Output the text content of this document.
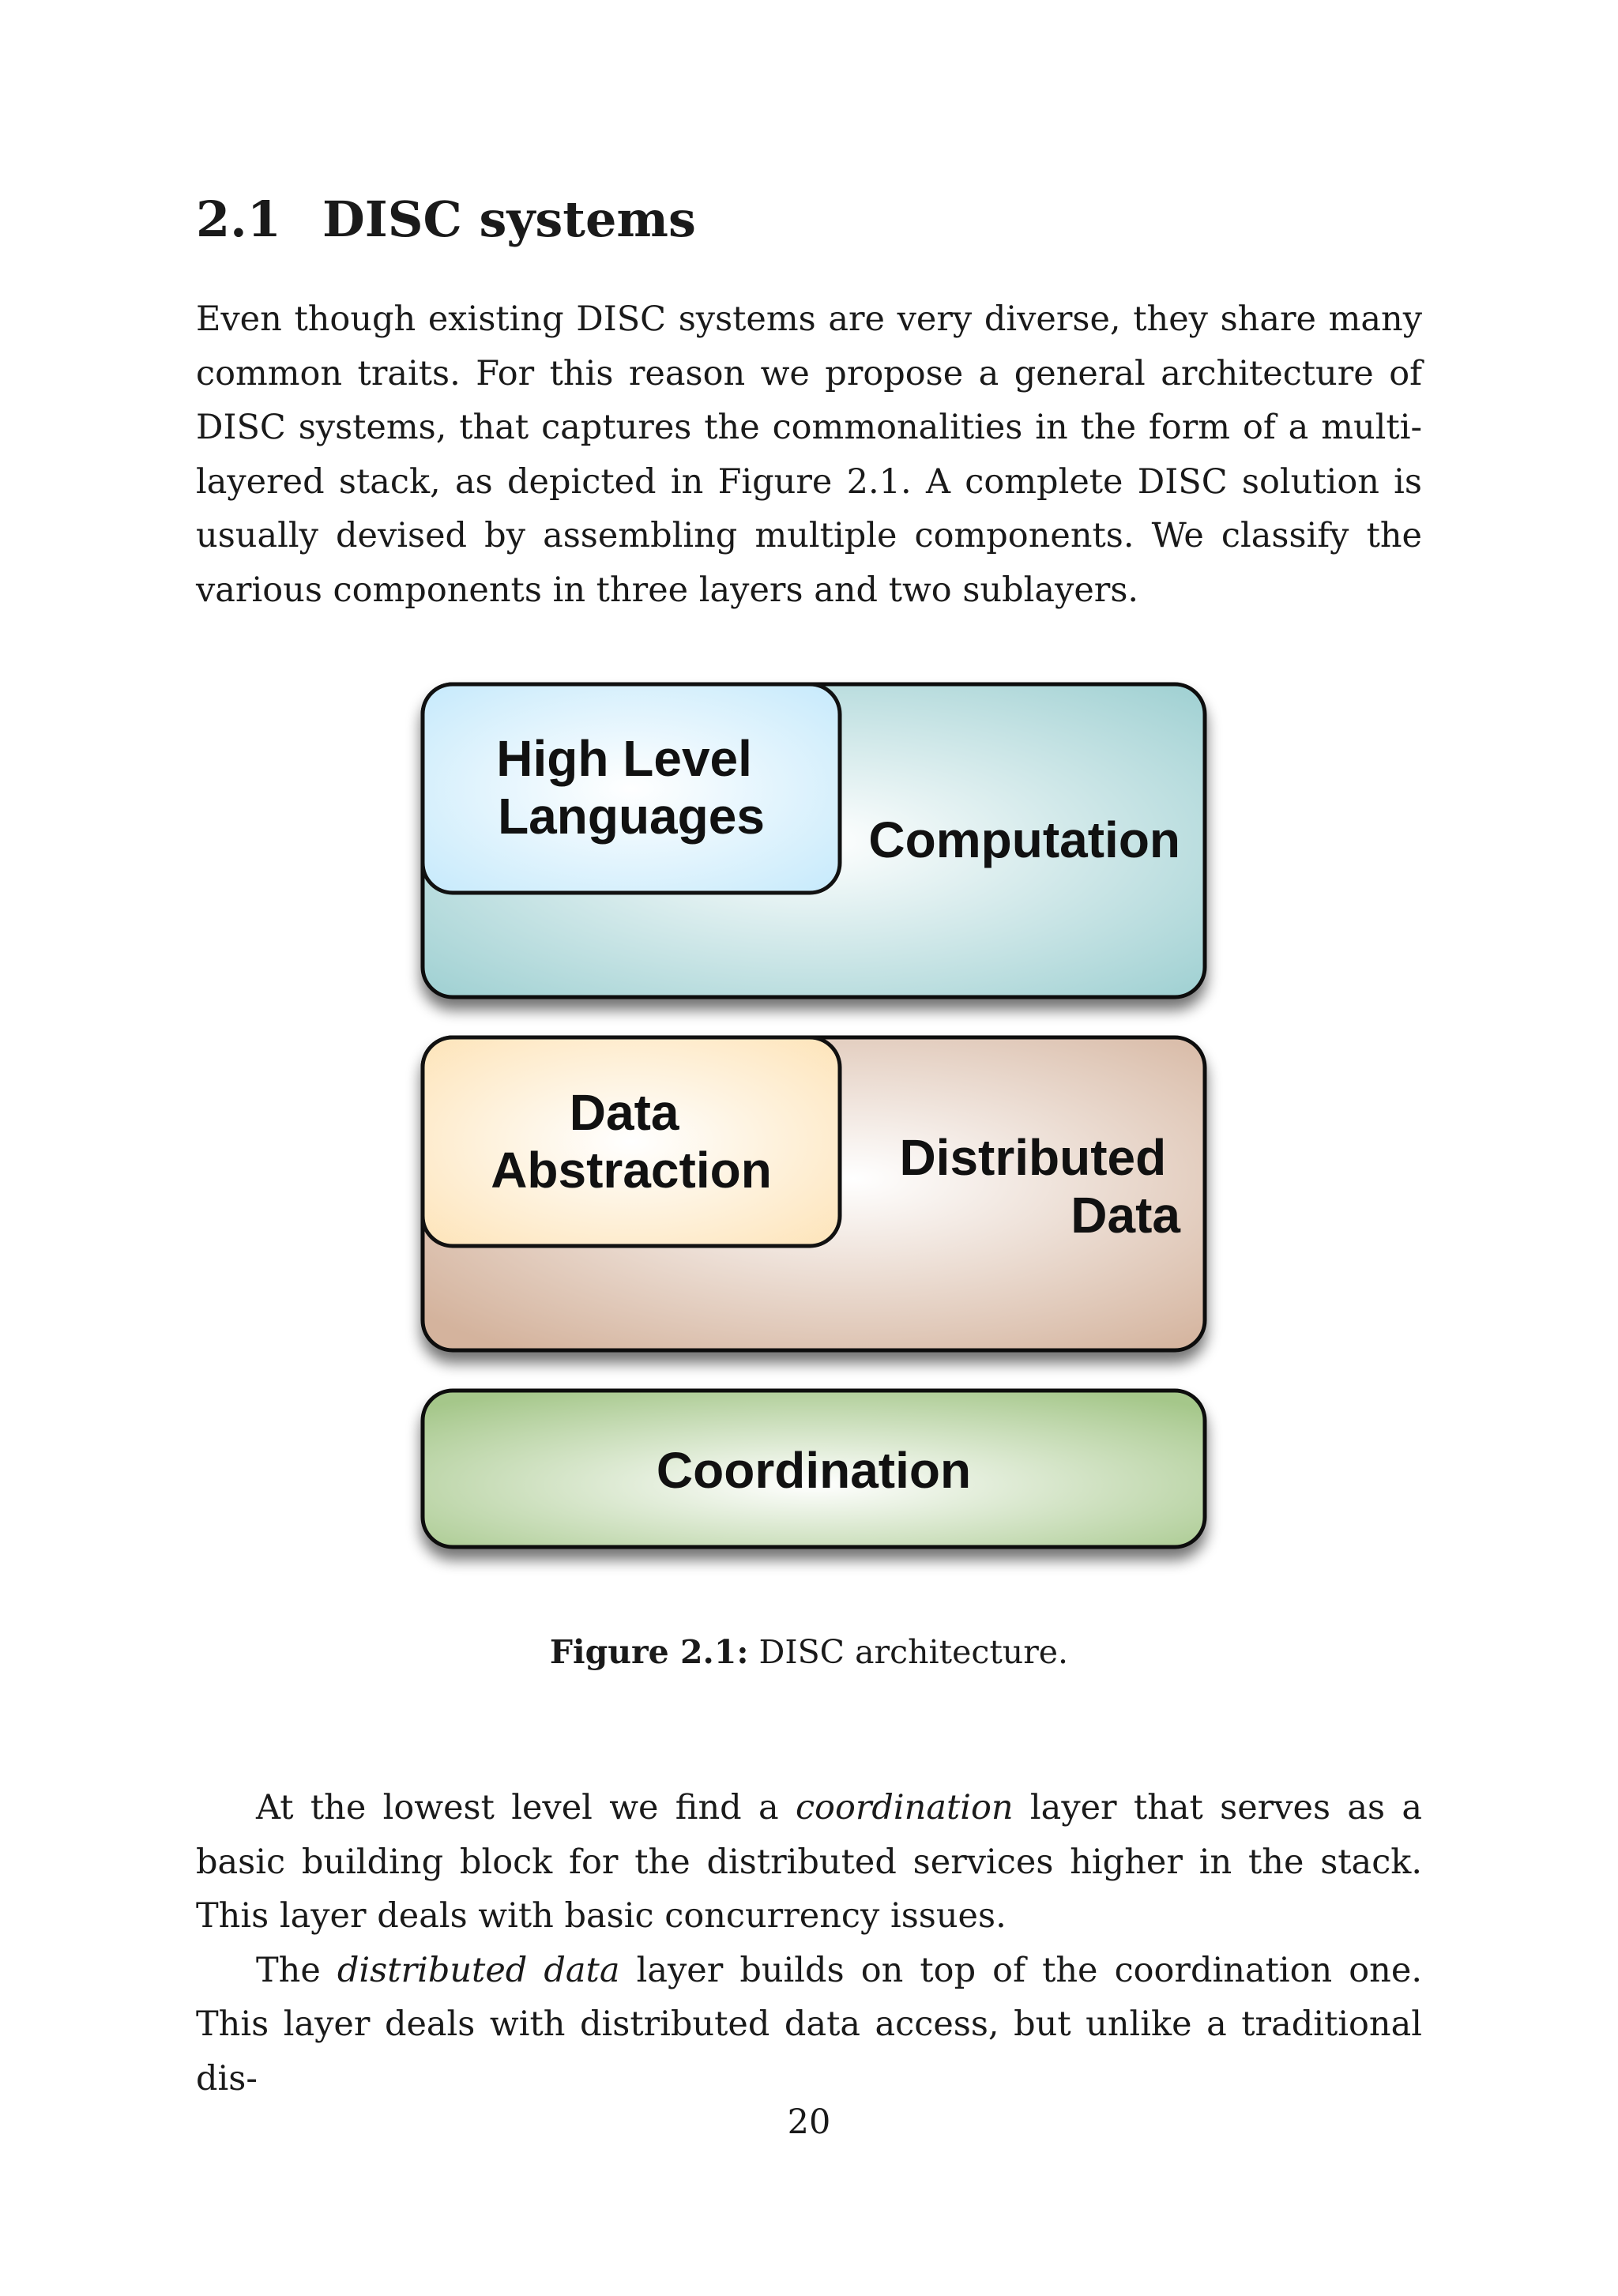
2.1 DISC systems

Even though existing DISC systems are very diverse, they share many common traits. For this reason we propose a general architecture of DISC systems, that captures the commonalities in the form of a multi-layered stack, as depicted in Figure 2.1. A complete DISC solution is usually devised by assembling multiple components. We classify the various components in three layers and two sublayers.

High Level Languages Computation
Data Abstraction	Distributed Data
Coordination

Figure 2.1: DISC architecture.

At the lowest level we find a coordination layer that serves as a basic building block for the distributed services higher in the stack. This layer deals with basic concurrency issues.
The distributed data layer builds on top of the coordination one. This layer deals with distributed data access, but unlike a traditional dis-

20
